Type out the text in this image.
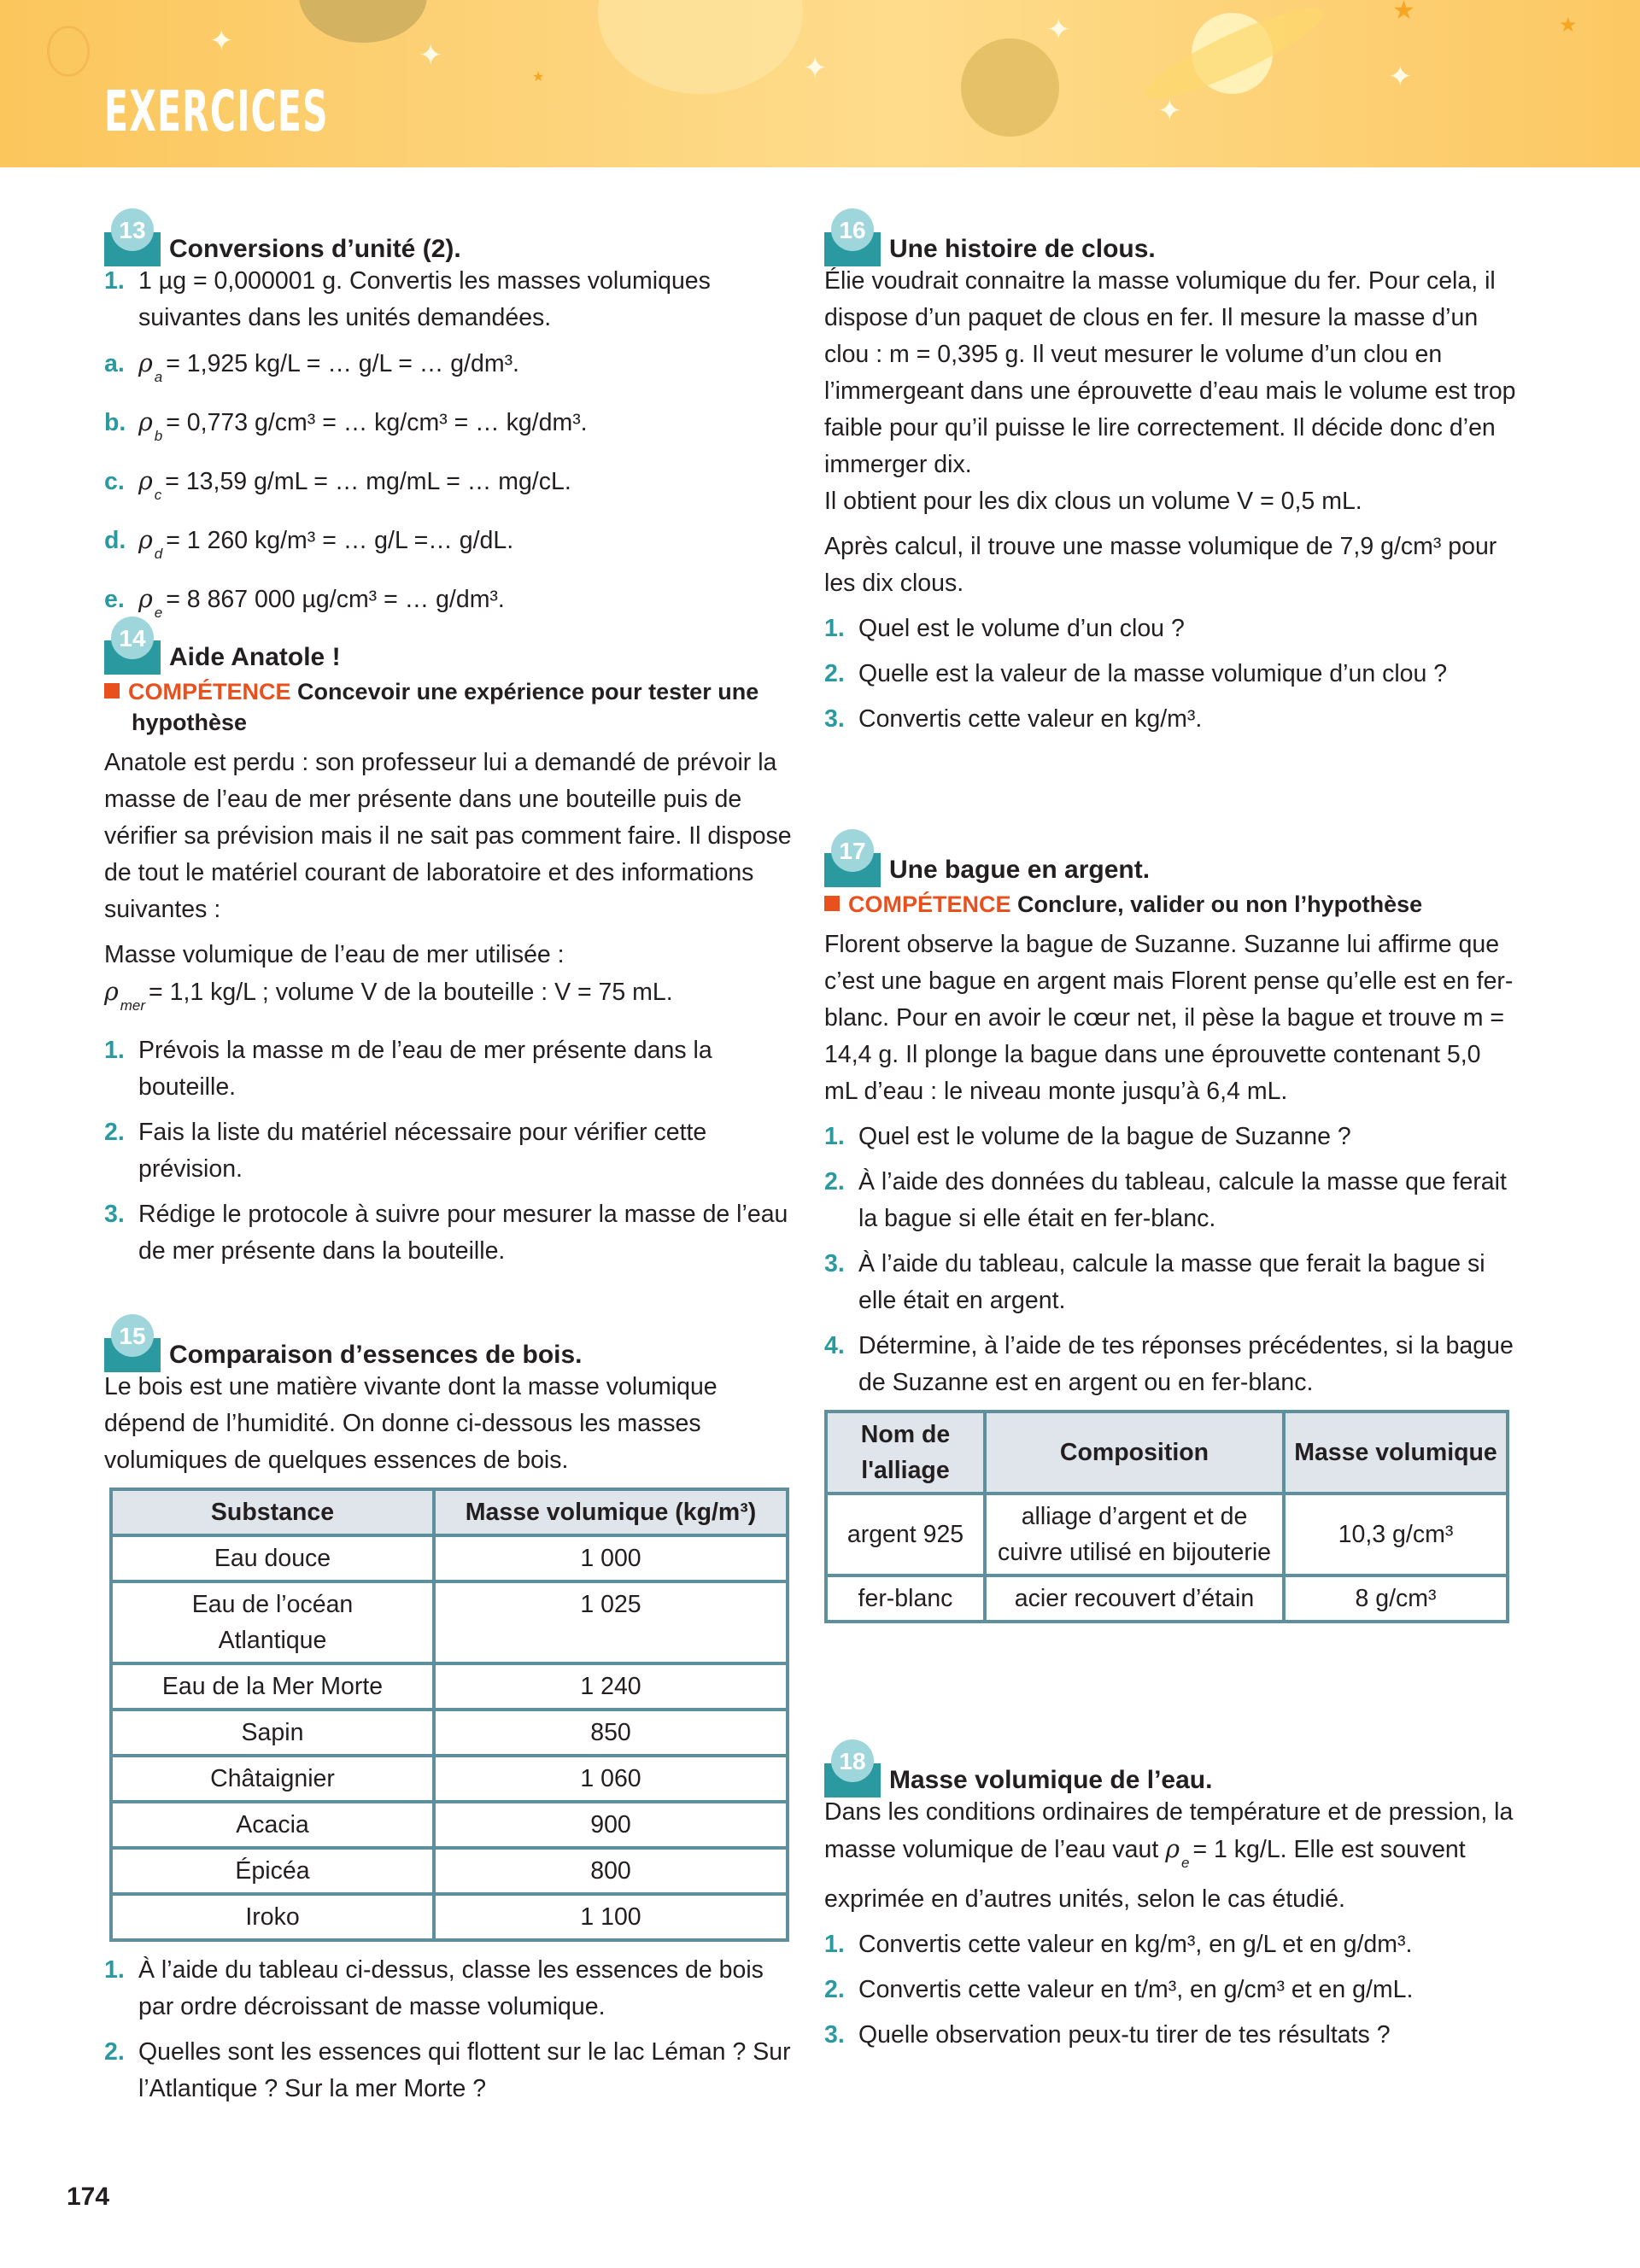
✦	✦	✦
✦
✦
✦
★
★
★
EXERCICES
13
Conversions d’unité (2).
1. 1 µg = 0,000001 g. Convertis les masses volumiques suivantes dans les unités demandées.
a. ρ $_a$ = 1,925 kg/L = … g/L = … g/dm³.
b. ρ $_b$ = 0,773 g/cm³ = … kg/cm³ = … kg/dm³.
c. ρ $_c$ = 13,59 g/mL = … mg/mL = … mg/cL.
d. ρ $_d$ = 1 260 kg/m³ = … g/L =… g/dL.
e. ρ $_e$ = 8 867 000 µg/cm³ = … g/dm³.
14
Aide Anatole !
COMPÉTENCE Concevoir une expérience pour tester une hypothèse
Anatole est perdu : son professeur lui a demandé de prévoir la masse de l’eau de mer présente dans une bouteille puis de vérifier sa prévision mais il ne sait pas comment faire. Il dispose de tout le matériel courant de laboratoire et des informations suivantes :
Masse volumique de l’eau de mer utilisée :
ρ $_{mer}$ = 1,1 kg/L ; volume V de la bouteille : V = 75 mL.
1. Prévois la masse m de l’eau de mer présente dans la bouteille.
2. Fais la liste du matériel nécessaire pour vérifier cette prévision.
3. Rédige le protocole à suivre pour mesurer la masse de l’eau de mer présente dans la bouteille.
15
Comparaison d’essences de bois.
Le bois est une matière vivante dont la masse volumique dépend de l’humidité. On donne ci-dessous les masses volumiques de quelques essences de bois.
Substance	Masse volumique (kg/m³)
Eau douce	1 000
Eau de l’océan Atlantique	1 025
Eau de la Mer Morte	1 240
Sapin	850
Châtaignier	1 060
Acacia	900
Épicéa	800
Iroko	1 100
1. À l’aide du tableau ci-dessus, classe les essences de bois par ordre décroissant de masse volumique.
2. Quelles sont les essences qui flottent sur le lac Léman ? Sur l’Atlantique ? Sur la mer Morte ?
16
Une histoire de clous.
Élie voudrait connaitre la masse volumique du fer. Pour cela, il dispose d’un paquet de clous en fer. Il mesure la masse d’un clou : m = 0,395 g. Il veut mesurer le volume d’un clou en l’immergeant dans une éprouvette d’eau mais le volume est trop faible pour qu’il puisse le lire correctement. Il décide donc d’en immerger dix.
Il obtient pour les dix clous un volume V = 0,5 mL.
Après calcul, il trouve une masse volumique de 7,9 g/cm³ pour les dix clous.
1. Quel est le volume d’un clou ?
2. Quelle est la valeur de la masse volumique d’un clou ?
3. Convertis cette valeur en kg/m³.
17
Une bague en argent.
COMPÉTENCE Conclure, valider ou non l’hypothèse
Florent observe la bague de Suzanne. Suzanne lui affirme que c’est une bague en argent mais Florent pense qu’elle est en fer-blanc. Pour en avoir le cœur net, il pèse la bague et trouve m = 14,4 g. Il plonge la bague dans une éprouvette contenant 5,0 mL d’eau : le niveau monte jusqu’à 6,4 mL.
1. Quel est le volume de la bague de Suzanne ?
2. À l’aide des données du tableau, calcule la masse que ferait la bague si elle était en fer-blanc.
3. À l’aide du tableau, calcule la masse que ferait la bague si elle était en argent.
4. Détermine, à l’aide de tes réponses précédentes, si la bague de Suzanne est en argent ou en fer-blanc.
Nom de l'alliage	Composition	Masse volumique
argent 925	alliage d’argent et de cuivre utilisé en bijouterie	10,3 g/cm³
fer-blanc	acier recouvert d’étain	8 g/cm³
18
Masse volumique de l’eau.
Dans les conditions ordinaires de température et de pression, la masse volumique de l’eau vaut ρ $_e$ = 1 kg/L. Elle est souvent exprimée en d’autres unités, selon le cas étudié.
1. Convertis cette valeur en kg/m³, en g/L et en g/dm³.
2. Convertis cette valeur en t/m³, en g/cm³ et en g/mL.
3. Quelle observation peux-tu tirer de tes résultats ?
174
